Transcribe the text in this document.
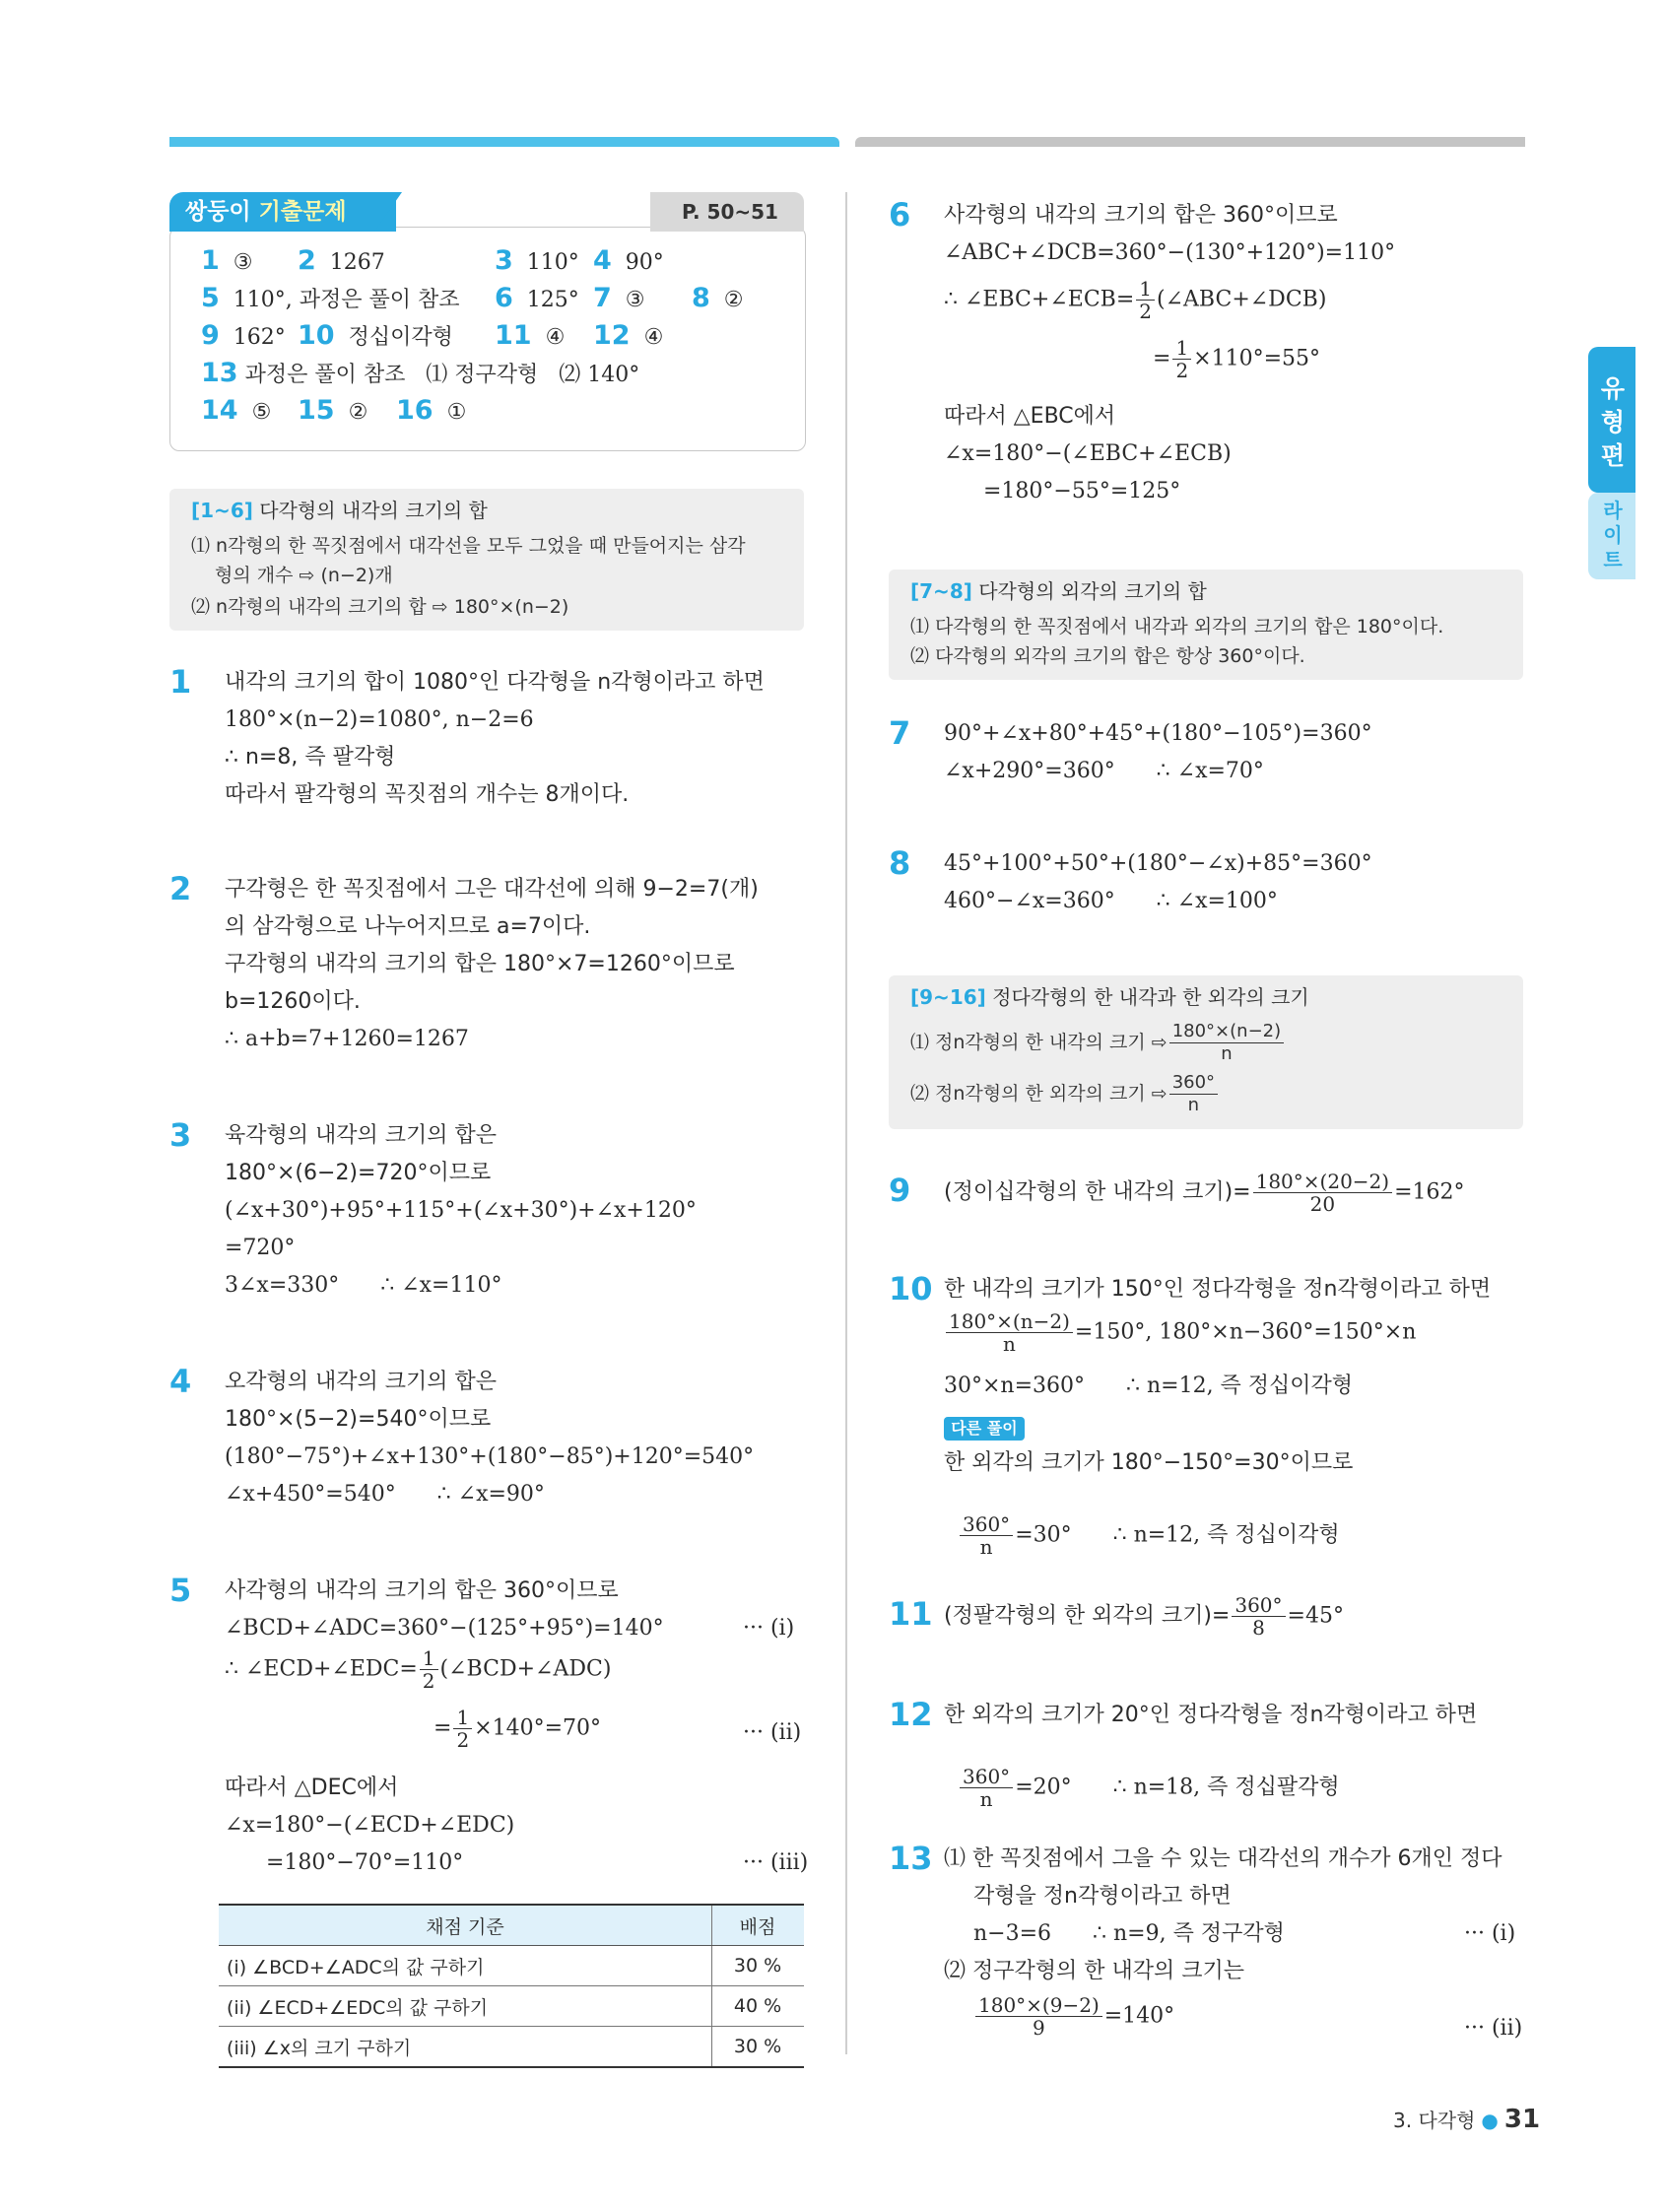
쌍둥이 기출문제	P. 50~51
1 ③ 2 1267	3 110° 4 90°
5 110°, 과정은 풀이 참조 6 125° 7 ③ 8 ②
9 162° 10 정십이각형 11 ④ 12 ④
13 과정은 풀이 참조   ⑴ 정구각형   ⑵ 140°
14 ⑤ 15 ② 16 ①
[1~6] 다각형의 내각의 크기의 합
⑴ n각형의 한 꼭짓점에서 대각선을 모두 그었을 때 만들어지는 삼각
형의 개수 ⇨ (n−2)개
⑵ n각형의 내각의 크기의 합 ⇨ 180°×(n−2)
1 내각의 크기의 합이 1080°인 다각형을 n각형이라고 하면
180°×(n−2)=1080°, n−2=6
∴ n=8, 즉 팔각형
따라서 팔각형의 꼭짓점의 개수는 8개이다.
2 구각형은 한 꼭짓점에서 그은 대각선에 의해 9−2=7(개)
의 삼각형으로 나누어지므로 a=7이다.
구각형의 내각의 크기의 합은 180°×7=1260°이므로
b=1260이다.
∴ a+b=7+1260=1267
3 육각형의 내각의 크기의 합은
180°×(6−2)=720°이므로
(∠x+30°)+95°+115°+(∠x+30°)+∠x+120°
=720°
3∠x=330°      ∴ ∠x=110°
4 오각형의 내각의 크기의 합은
180°×(5−2)=540°이므로
(180°−75°)+∠x+130°+(180°−85°)+120°=540°
∠x+450°=540°      ∴ ∠x=90°
5 사각형의 내각의 크기의 합은 360°이므로
∠BCD+∠ADC=360°−(125°+95°)=140°	··· (i)
∴ ∠ECD+∠EDC= $\frac{1}{2}$ (∠BCD+∠ADC)
= $\frac{1}{2} \times 140^\circ=70^\circ$	··· (ii)
따라서 △DEC에서
∠x=180°−(∠ECD+∠EDC)
=180°−70°=110°	··· (iii)
채점 기준	배점
(i) ∠BCD+∠ADC의 값 구하기	30 %
(ii) ∠ECD+∠EDC의 값 구하기	40 %
(iii) ∠x의 크기 구하기	30 %
6 사각형의 내각의 크기의 합은 360°이므로
∠ABC+∠DCB=360°−(130°+120°)=110°
∴ ∠EBC+∠ECB= $\frac{1}{2}$ (∠ABC+∠DCB)
= $\frac{1}{2} \times 110^\circ=55^\circ$
따라서 △EBC에서
∠x=180°−(∠EBC+∠ECB)
=180°−55°=125°
[7~8] 다각형의 외각의 크기의 합
⑴ 다각형의 한 꼭짓점에서 내각과 외각의 크기의 합은 180°이다.
⑵ 다각형의 외각의 크기의 합은 항상 360°이다.
7 90°+∠x+80°+45°+(180°−105°)=360°
∠x+290°=360°      ∴ ∠x=70°
8 45°+100°+50°+(180°−∠x)+85°=360°
460°−∠x=360°      ∴ ∠x=100°
[9~16] 정다각형의 한 내각과 한 외각의 크기
⑴ 정n각형의 한 내각의 크기 ⇨ $\frac{180^\circ\times(n-2)}{n}$
⑵ 정n각형의 한 외각의 크기 ⇨ $\frac{360^\circ}{n}$
9 (정이십각형의 한 내각의 크기)= $\frac{180^\circ\times(20-2)}{20} =162^\circ$
10 한 내각의 크기가 150°인 정다각형을 정n각형이라고 하면
$\frac{180^\circ\times(n-2)}{n} =150^\circ$, 180°×n−360°=150°×n
30°×n=360°      ∴ n=12, 즉 정십이각형
다른 풀이
한 외각의 크기가 180°−150°=30°이므로

$\frac{360^\circ}{n} =30^\circ$      ∴ n=12, 즉 정십이각형

11 (정팔각형의 한 외각의 크기)= $\frac{360^\circ}{8} =45^\circ$
12 한 외각의 크기가 20°인 정다각형을 정n각형이라고 하면

$\frac{360^\circ}{n} =20^\circ$      ∴ n=18, 즉 정십팔각형

13 ⑴ 한 꼭짓점에서 그을 수 있는 대각선의 개수가 6개인 정다
각형을 정n각형이라고 하면
n−3=6      ∴ n=9, 즉 정구각형	··· (i)
⑵ 정구각형의 한 내각의 크기는
$\frac{180^\circ\times(9-2)}{9} =140^\circ$	··· (ii)
유
형
편
라
이
트
3. 다각형 ● 31
